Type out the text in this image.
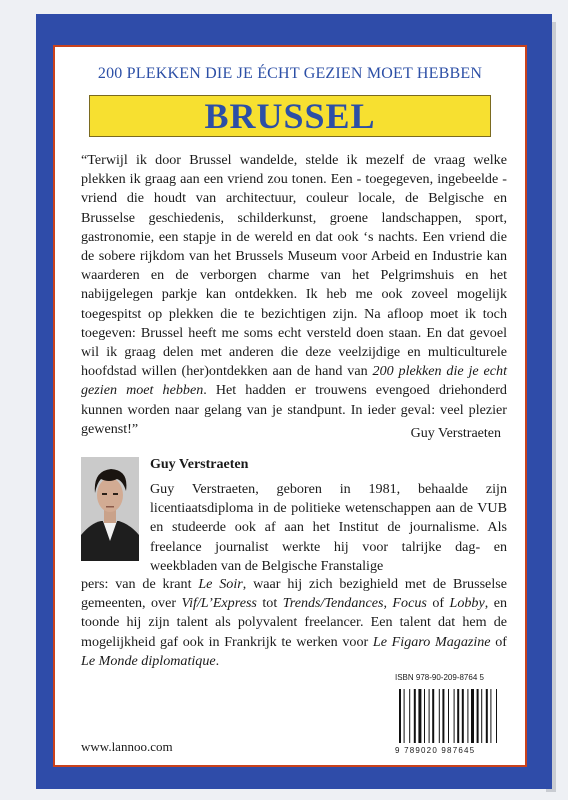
200 PLEKKEN DIE JE ÉCHT GEZIEN MOET HEBBEN
BRUSSEL
“Terwijl ik door Brussel wandelde, stelde ik mezelf de vraag welke plekken ik graag aan een vriend zou tonen. Een - toegegeven, ingebeelde - vriend die houdt van architectuur, couleur locale, de Belgische en Brusselse geschiedenis, schilderkunst, groene landschappen, sport, gastronomie, een stapje in de wereld en dat ook ‘s nachts. Een vriend die de sobere rijkdom van het Brussels Museum voor Arbeid en Industrie kan waarderen en de verborgen charme van het Pelgrimshuis en het nabijgelegen parkje kan ontdekken. Ik heb me ook zoveel mogelijk toegespitst op plekken die te bezichtigen zijn. Na afloop moet ik toch toegeven: Brussel heeft me soms echt versteld doen staan. En dat gevoel wil ik graag delen met anderen die deze veelzijdige en multiculturele hoofdstad willen (her)ontdekken aan de hand van 200 plekken die je echt gezien moet hebben. Het hadden er trouwens evengoed driehonderd kunnen worden naar gelang van je standpunt. In ieder geval: veel plezier gewenst!”	Guy Verstraeten
Guy Verstraeten
Guy Verstraeten, geboren in 1981, behaalde zijn licentiaatsdiploma in de politieke wetenschappen aan de VUB en studeerde ook af aan het Institut de journalisme. Als freelance journalist werkte hij voor talrijke dag- en weekbladen van de Belgische Franstalige
pers: van de krant Le Soir, waar hij zich bezighield met de Brusselse gemeenten, over Vif/L’Express tot Trends/Tendances, Focus of Lobby, en toonde hij zijn talent als polyvalent freelancer. Een talent dat hem de mogelijkheid gaf ook in Frankrijk te werken voor Le Figaro Magazine of Le Monde diplomatique.
ISBN 978-90-209-8764 5
9 789020 987645
www.lannoo.com
